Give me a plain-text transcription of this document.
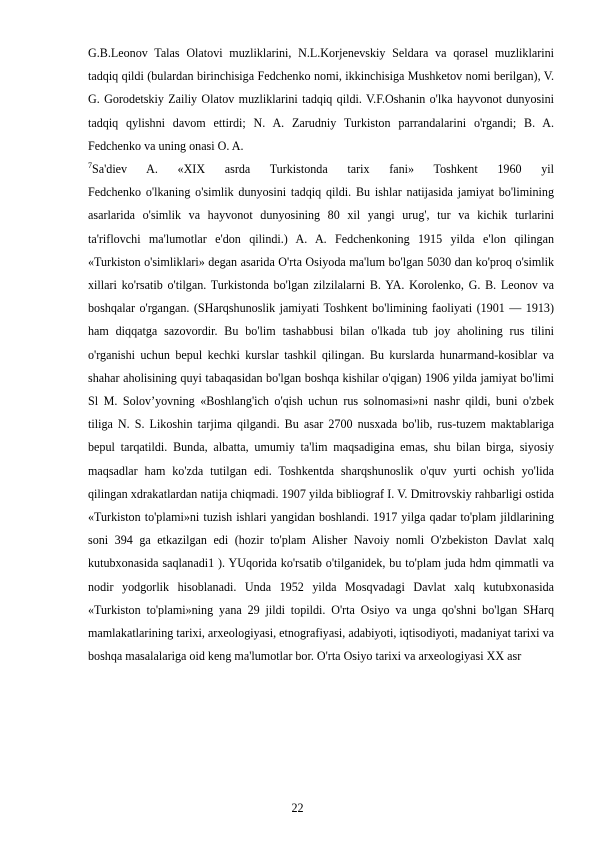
G.B.Leonov Talas Olatovi muzliklarini, N.L.Korjenevskiy Seldara va qorasel muzliklarini tadqiq qildi (bulardan birinchisiga Fedchenko nomi, ikkinchisiga Mushketov nomi berilgan), V. G. Gorodetskiy Zailiy Olatov muzliklarini tadqiq qildi. V.F.Oshanin o'lka hayvonot dunyosini tadqiq qylishni davom ettirdi; N. A. Zarudniy Turkiston parrandalarini o'rgandi; B. A. Fedchenko va uning onasi O. A.

$^7$Sa'diev A. «XIX asrda Turkistonda tarix fani» Toshkent 1960 yil

Fedchenko o'lkaning o'simlik dunyosini tadqiq qildi. Bu ishlar natijasida jamiyat bo'limining asarlarida o'simlik va hayvonot dunyosining 80 xil yangi urug', tur va kichik turlarini ta'riflovchi ma'lumotlar e'don qilindi.) A. A. Fedchenkoning 1915 yilda e'lon qilingan «Turkiston o'simliklari» degan asarida O'rta Osiyoda ma'lum bo'lgan 5030 dan ko'proq o'simlik xillari ko'rsatib o'tilgan. Turkistonda bo'lgan zilzilalarni B. YA. Korolenko, G. B. Leonov va boshqalar o'rgangan. (SHarqshunoslik jamiyati Toshkent bo'limining faoliyati (1901 — 1913) ham diqqatga sazovordir. Bu bo'lim tashabbusi bilan o'lkada tub joy aholining rus tilini o'rganishi uchun bepul kechki kurslar tashkil qilingan. Bu kurslarda hunarmand-kosiblar va shahar aholisining quyi tabaqasidan bo'lgan boshqa kishilar o'qigan) 1906 yilda jamiyat bo'limi Sl M. Solov’yovning «Boshlang'ich o'qish uchun rus solnomasi»ni nashr qildi, buni o'zbek tiliga N. S. Likoshin tarjima qilgandi. Bu asar 2700 nusxada bo'lib, rus-tuzem maktablariga bepul tarqatildi. Bunda, albatta, umumiy ta'lim maqsadigina emas, shu bilan birga, siyosiy maqsadlar ham ko'zda tutilgan edi. Toshkentda sharqshunoslik o'quv yurti ochish yo'lida qilingan xdrakatlardan natija chiqmadi. 1907 yilda bibliograf I. V. Dmitrovskiy rahbarligi ostida «Turkiston to'plami»ni tuzish ishlari yangidan boshlandi. 1917 yilga qadar to'plam jildlarining soni 394 ga etkazilgan edi (hozir to'plam Alisher Navoiy nomli O'zbekiston Davlat xalq kutubxonasida saqlanadi1 ). YUqorida ko'rsatib o'tilganidek, bu to'plam juda hdm qimmatli va nodir yodgorlik hisoblanadi. Unda 1952 yilda Mosqvadagi Davlat xalq kutubxonasida «Turkiston to'plami»ning yana 29 jildi topildi. O'rta Osiyo va unga qo'shni bo'lgan SHarq mamlakatlarining tarixi, arxeologiyasi, etnografiyasi, adabiyoti, iqtisodiyoti, madaniyat tarixi va boshqa masalalariga oid keng ma'lumotlar bor. O'rta Osiyo tarixi va arxeologiyasi XX asr

22
